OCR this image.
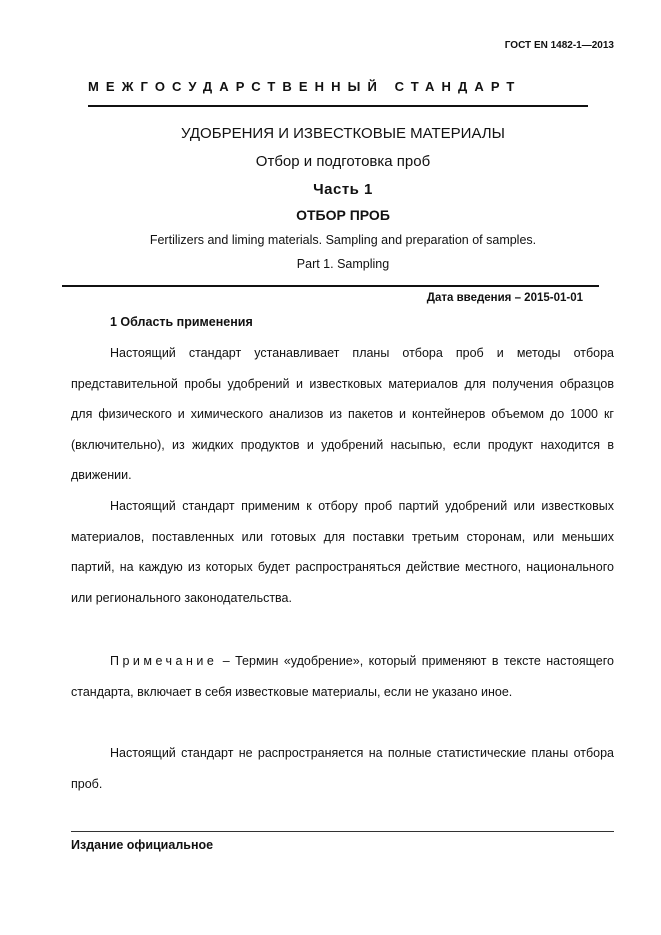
ГОСТ EN 1482-1—2013
МЕЖГОСУДАРСТВЕННЫЙ СТАНДАРТ
УДОБРЕНИЯ И ИЗВЕСТКОВЫЕ МАТЕРИАЛЫ
Отбор и подготовка проб
Часть 1
ОТБОР ПРОБ
Fertilizers and liming materials. Sampling and preparation of samples.
Part 1. Sampling
Дата введения – 2015-01-01
1 Область применения
Настоящий стандарт устанавливает планы отбора проб и методы отбора представительной пробы удобрений и известковых материалов для получения образцов для физического и химического анализов из пакетов и контейнеров объемом до 1000 кг (включительно), из жидких продуктов и удобрений насыпью, если продукт находится в движении.
Настоящий стандарт применим к отбору проб партий удобрений или известковых материалов, поставленных или готовых для поставки третьим сторонам, или меньших партий, на каждую из которых будет распространяться действие местного, национального или регионального законодательства.
Примечание – Термин «удобрение», который применяют в тексте настоящего стандарта, включает в себя известковые материалы, если не указано иное.
Настоящий стандарт не распространяется на полные статистические планы отбора проб.
Издание официальное
